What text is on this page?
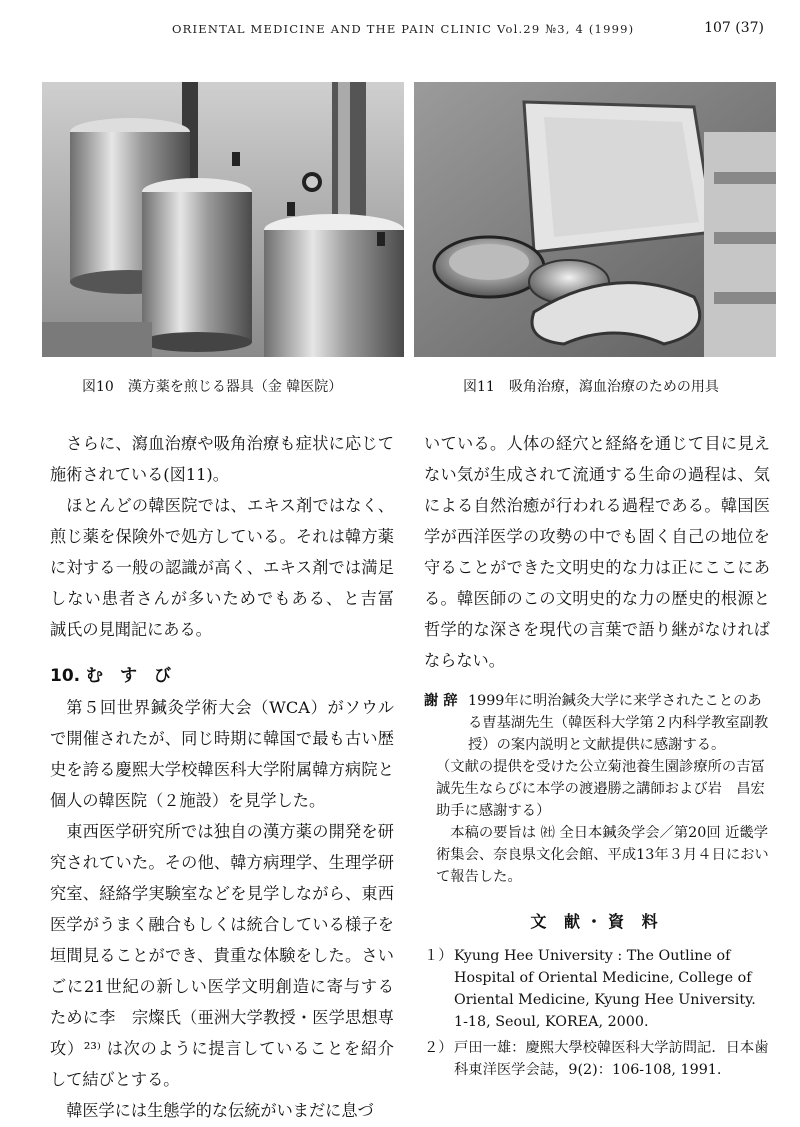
ORIENTAL MEDICINE AND THE PAIN CLINIC Vol.29 №3, 4 (1999)	107 (37)
図10　漢方薬を煎じる器具（金 韓医院）	図11　吸角治療，瀉血治療のための用具

さらに、瀉血治療や吸角治療も症状に応じて施術されている(図11)。

ほとんどの韓医院では、エキス剤ではなく、煎じ薬を保険外で処方している。それは韓方薬に対する一般の認識が高く、エキス剤では満足しない患者さんが多いためでもある、と吉冨　誠氏の見聞記にある。

10. む　す　び

第５回世界鍼灸学術大会（WCA）がソウルで開催されたが、同じ時期に韓国で最も古い歴史を誇る慶熙大学校韓医科大学附属韓方病院と個人の韓医院（２施設）を見学した。

東西医学研究所では独自の漢方薬の開発を研究されていた。その他、韓方病理学、生理学研究室、経絡学実験室などを見学しながら、東西医学がうまく融合もしくは統合している様子を垣間見ることができ、貴重な体験をした。さいごに21世紀の新しい医学文明創造に寄与するために李　宗燦氏（亜洲大学教授・医学思想専攻）²³⁾ は次のように提言していることを紹介して結びとする。

韓医学には生態学的な伝統がいまだに息づ

いている。人体の経穴と経絡を通じて目に見えない気が生成されて流通する生命の過程は、気による自然治癒が行われる過程である。韓国医学が西洋医学の攻勢の中でも固く自己の地位を守ることができた文明史的な力は正にここにある。韓医師のこの文明史的な力の歴史的根源と哲学的な深さを現代の言葉で語り継がなければならない。

謝 辞 1999年に明治鍼灸大学に来学されたことのある曺基湖先生（韓医科大学第２内科学教室副教授）の案内説明と文献提供に感謝する。
（文献の提供を受けた公立菊池養生園診療所の吉冨　誠先生ならびに本学の渡邉勝之講師および岩　昌宏助手に感謝する）
本稿の要旨は ㈳ 全日本鍼灸学会／第20回 近畿学術集会、奈良県文化会館、平成13年３月４日において報告した。
文 献・資 料
１） Kyung Hee University : The Outline of Hospital of Oriental Medicine, College of Oriental Medicine, Kyung Hee University. 1-18, Seoul, KOREA, 2000.
２） 戸田一雄：慶熙大學校韓医科大学訪問記．日本歯科東洋医学会誌，9(2)：106-108, 1991.
